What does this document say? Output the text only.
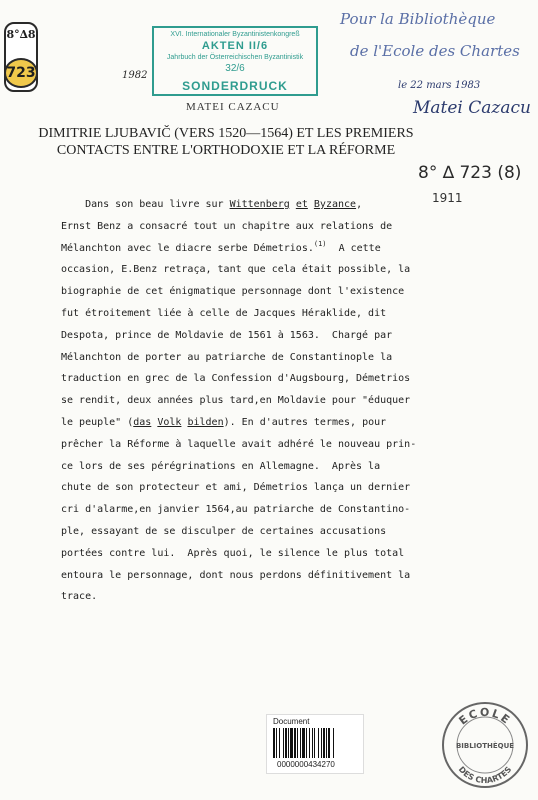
8°∆8
723
XVI. Internationaler Byzantinistenkongreß
AKTEN II/6
Jahrbuch der Österreichischen Byzantinistik
32/6
SONDERDRUCK
1982
MATEI CAZACU
Pour la Bibliothèque
de l'Ecole des Chartes
le 22 mars 1983
Matei Cazacu
8° ∆ 723 (8)
1911
DIMITRIE LJUBAVIČ (VERS 1520—1564) ET LES PREMIERS
CONTACTS ENTRE L'ORTHODOXIE ET LA RÉFORME
Dans son beau livre sur Wittenberg et Byzance,
Ernst Benz a consacré tout un chapitre aux relations de
Mélanchton avec le diacre serbe Démetrios.$^{(1)}$  A cette
occasion, E.Benz retraça, tant que cela était possible, la
biographie de cet énigmatique personnage dont l'existence
fut étroitement liée à celle de Jacques Héraklide, dit
Despota, prince de Moldavie de 1561 à 1563.  Chargé par
Mélanchton de porter au patriarche de Constantinople la
traduction en grec de la Confession d'Augsbourg, Démetrios
se rendit, deux années plus tard,en Moldavie pour "éduquer
le peuple" (das Volk bilden). En d'autres termes, pour
prêcher la Réforme à laquelle avait adhéré le nouveau prin-
ce lors de ses pérégrinations en Allemagne.  Après la
chute de son protecteur et ami, Démetrios lança un dernier
cri d'alarme,en janvier 1564,au patriarche de Constantino-
ple, essayant de se disculper de certaines accusations
portées contre lui.  Après quoi, le silence le plus total
entoura le personnage, dont nous perdons définitivement la
trace.
Document
0000000434270
ECOLE
BIBLIOTHÈQUE
DES CHARTES
